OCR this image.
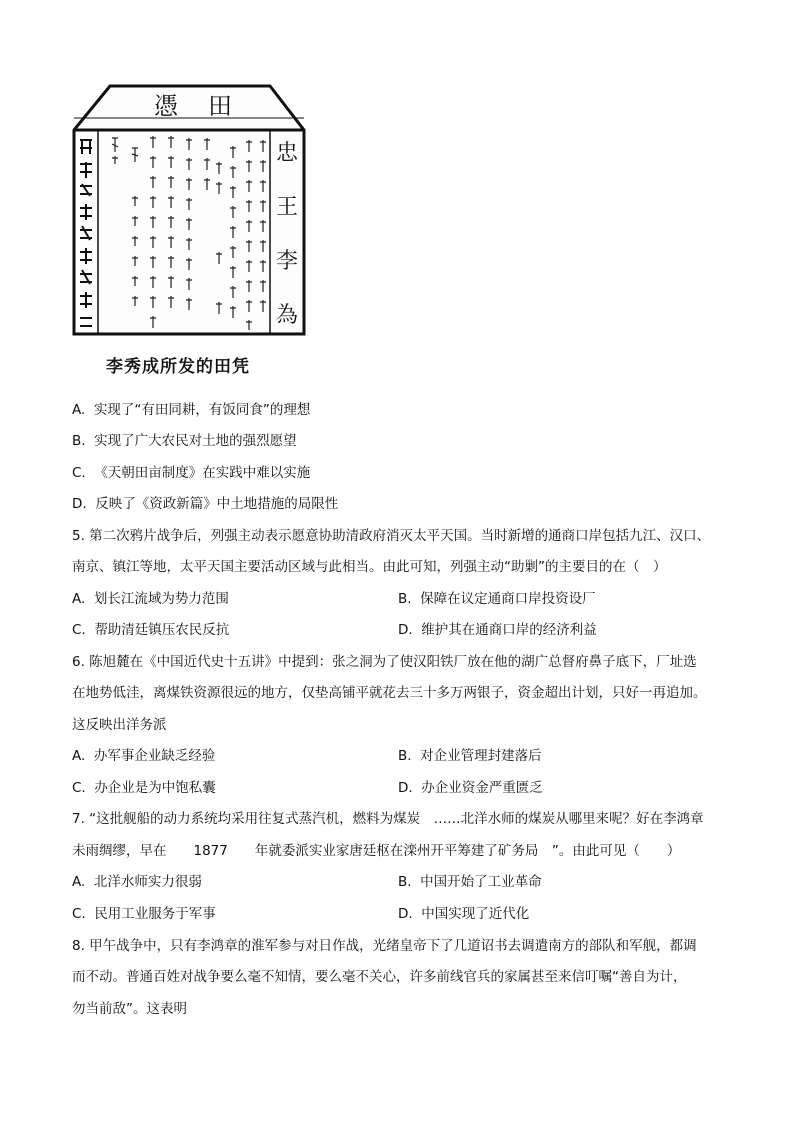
憑 田
忠
王
李
為
李秀成所发的田凭
A. 实现了“有田同耕，有饭同食”的理想
B. 实现了广大农民对土地的强烈愿望
C. 《天朝田亩制度》在实践中难以实施
D. 反映了《资政新篇》中土地措施的局限性
5. 第二次鸦片战争后，列强主动表示愿意协助清政府消灭太平天国。当时新增的通商口岸包括九江、汉口、
南京、镇江等地，太平天国主要活动区域与此相当。由此可知，列强主动“助剿”的主要目的在（　）
A. 划长江流域为势力范围	B. 保障在议定通商口岸投资设厂
C. 帮助清廷镇压农民反抗	D. 维护其在通商口岸的经济利益
6. 陈旭麓在《中国近代史十五讲》中提到：张之洞为了使汉阳铁厂放在他的湖广总督府鼻子底下，厂址选
在地势低洼，离煤铁资源很远的地方，仅垫高铺平就花去三十多万两银子，资金超出计划，只好一再追加。
这反映出洋务派
A. 办军事企业缺乏经验	B. 对企业管理封建落后
C. 办企业是为中饱私囊	D. 办企业资金严重匮乏
7. “这批舰船的动力系统均采用往复式蒸汽机，燃料为煤炭　……北洋水师的煤炭从哪里来呢？好在李鸿章
未雨绸缪，早在　　1877　　年就委派实业家唐廷枢在滦州开平筹建了矿务局　”。由此可见（　　）
A. 北洋水师实力很弱	B. 中国开始了工业革命
C. 民用工业服务于军事	D. 中国实现了近代化
8. 甲午战争中，只有李鸿章的淮军参与对日作战，光绪皇帝下了几道诏书去调遣南方的部队和军舰，都调
而不动。普通百姓对战争要么毫不知情，要么毫不关心，许多前线官兵的家属甚至来信叮嘱“善自为计，
勿当前敌”。这表明
